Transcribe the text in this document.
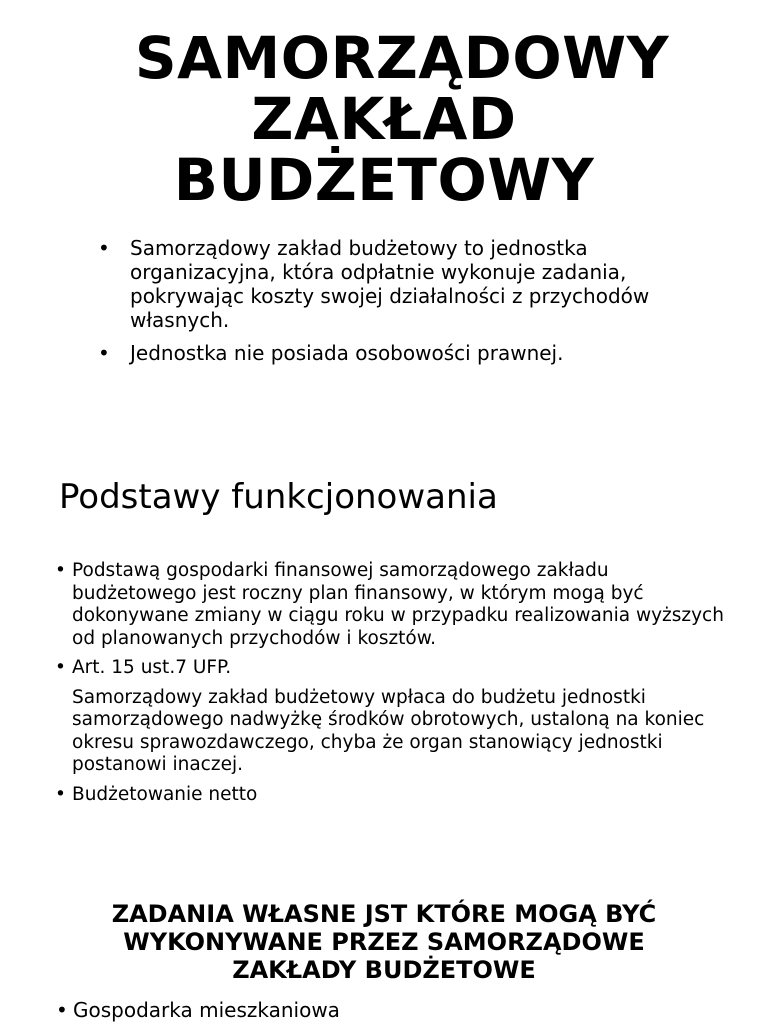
SAMORZĄDOWY
ZAKŁAD
BUDŻETOWY
• Samorządowy zakład budżetowy to jednostka organizacyjna, która odpłatnie wykonuje zadania, pokrywając koszty swojej działalności z przychodów własnych.
• Jednostka nie posiada osobowości prawnej.
Podstawy funkcjonowania
• Podstawą gospodarki finansowej samorządowego zakładu budżetowego jest roczny plan finansowy, w którym mogą być dokonywane zmiany w ciągu roku w przypadku realizowania wyższych od planowanych przychodów i kosztów.
• Art. 15 ust.7 UFP.
Samorządowy zakład budżetowy wpłaca do budżetu jednostki samorządowego nadwyżkę środków obrotowych, ustaloną na koniec okresu sprawozdawczego, chyba że organ stanowiący jednostki postanowi inaczej.
• Budżetowanie netto
ZADANIA WŁASNE JST KTÓRE MOGĄ BYĆ
WYKONYWANE PRZEZ SAMORZĄDOWE
ZAKŁADY BUDŻETOWE
• Gospodarka mieszkaniowa
